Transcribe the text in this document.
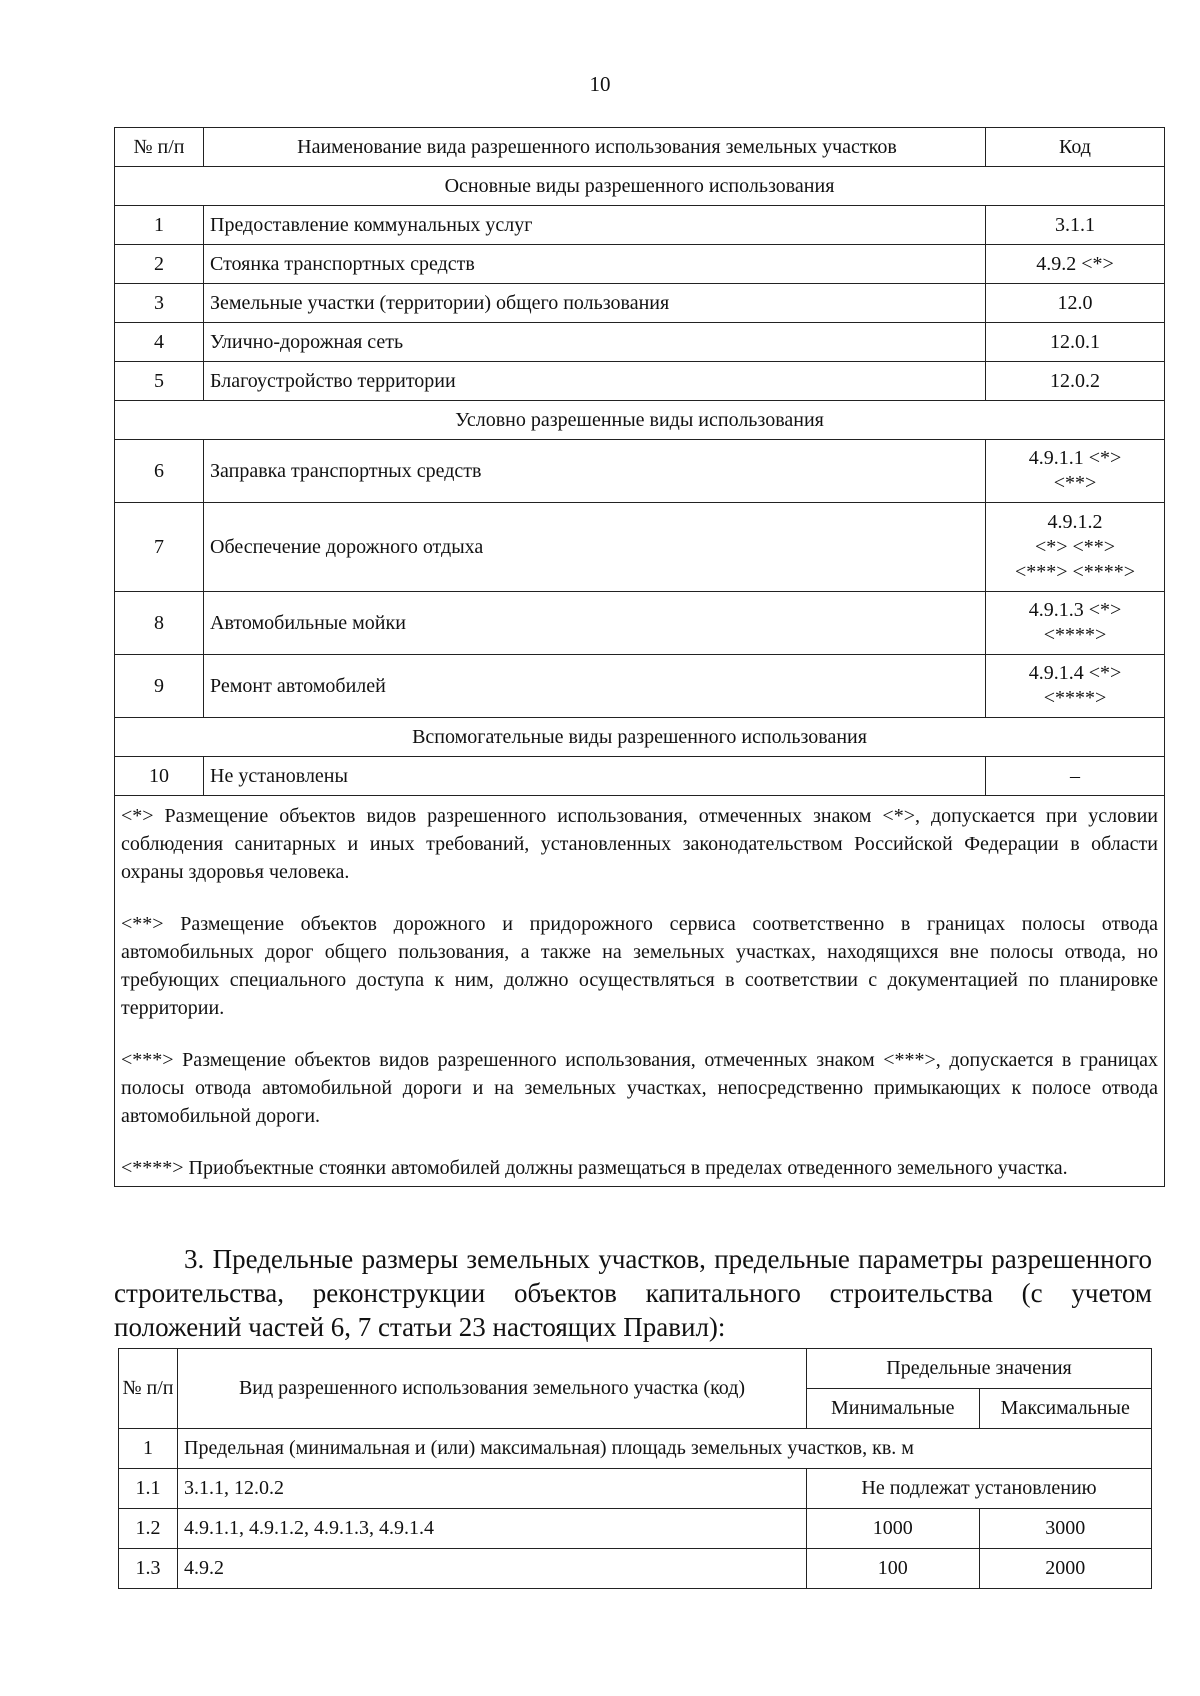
10
№ п/п	Наименование вида разрешенного использования земельных участков	Код
Основные виды разрешенного использования		
1	Предоставление коммунальных услуг	3.1.1

2	Стоянка транспортных средств	4.9.2 <*>

3	Земельные участки (территории) общего пользования	12.0

4	Улично-дорожная сеть	12.0.1

5	Благоустройство территории	12.0.2

Условно разрешенные виды использования		
6	Заправка транспортных средств	4.9.1.1 <*>
<**>

7	Обеспечение дорожного отдыха	4.9.1.2
<*> <**>
<***> <****>

8	Автомобильные мойки	4.9.1.3 <*>
<****>

9	Ремонт автомобилей	4.9.1.4 <*>
<****>

Вспомогательные виды разрешенного использования		
10	Не установлены	–

<*> Размещение объектов видов разрешенного использования, отмеченных знаком <*>, допускается при условии соблюдения санитарных и иных требований, установленных законодательством Российской Федерации в области охраны здоровья человека.

<**> Размещение объектов дорожного и придорожного сервиса соответственно в границах полосы отвода автомобильных дорог общего пользования, а также на земельных участках, находящихся вне полосы отвода, но требующих специального доступа к ним, должно осуществляться в соответствии с документацией по планировке территории.

<***> Размещение объектов видов разрешенного использования, отмеченных знаком <***>, допускается в границах полосы отвода автомобильной дороги и на земельных участках, непосредственно примыкающих к полосе отвода автомобильной дороги.

<****> Приобъектные стоянки автомобилей должны размещаться в пределах отведенного земельного участка.		

3. Предельные размеры земельных участков, предельные параметры разрешенного строительства, реконструкции объектов капитального строительства (с учетом положений частей 6, 7 статьи 23 настоящих Правил):

№ п/п	Вид разрешенного использования земельного участка (код)	Предельные значения	
		Минимальные	Максимальные
1	Предельная (минимальная и (или) максимальная) площадь земельных участков, кв. м		
1.1	3.1.1, 12.0.2	Не подлежат установлению	
1.2	4.9.1.1, 4.9.1.2, 4.9.1.3, 4.9.1.4	1000	3000
1.3	4.9.2	100	2000
